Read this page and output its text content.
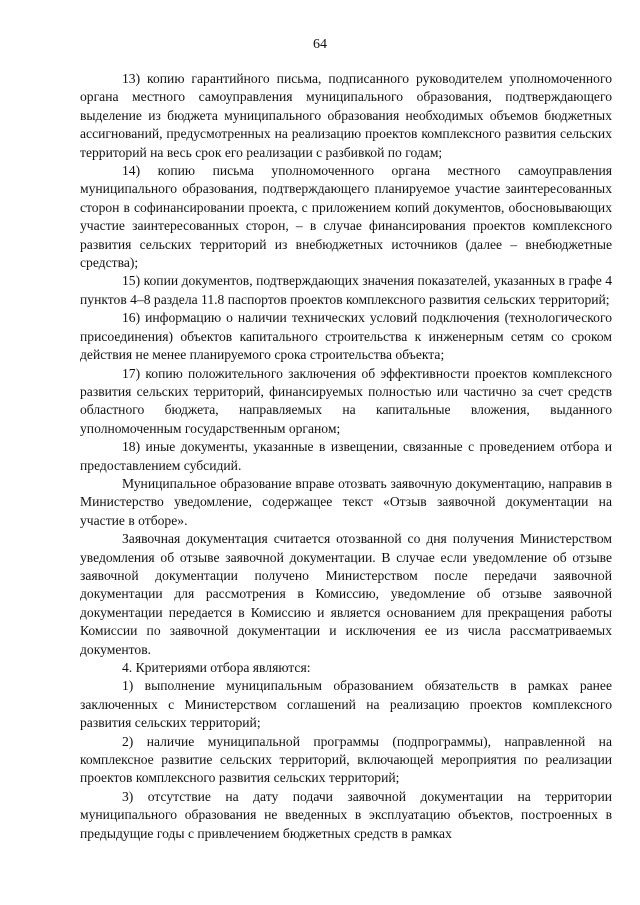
64

13) копию гарантийного письма, подписанного руководителем уполномоченного органа местного самоуправления муниципального образования, подтверждающего выделение из бюджета муниципального образования необходимых объемов бюджетных ассигнований, предусмотренных на реализацию проектов комплексного развития сельских территорий на весь срок его реализации с разбивкой по годам;

14) копию письма уполномоченного органа местного самоуправления муниципального образования, подтверждающего планируемое участие заинтересованных сторон в софинансировании проекта, с приложением копий документов, обосновывающих участие заинтересованных сторон, – в случае финансирования проектов комплексного развития сельских территорий из внебюджетных источников (далее – внебюджетные средства);

15) копии документов, подтверждающих значения показателей, указанных в графе 4 пунктов 4–8 раздела 11.8 паспортов проектов комплексного развития сельских территорий;

16) информацию о наличии технических условий подключения (технологического присоединения) объектов капитального строительства к инженерным сетям со сроком действия не менее планируемого срока строительства объекта;

17) копию положительного заключения об эффективности проектов комплексного развития сельских территорий, финансируемых полностью или частично за счет средств областного бюджета, направляемых на капитальные вложения, выданного уполномоченным государственным органом;

18) иные документы, указанные в извещении, связанные с проведением отбора и предоставлением субсидий.

Муниципальное образование вправе отозвать заявочную документацию, направив в Министерство уведомление, содержащее текст «Отзыв заявочной документации на участие в отборе».

Заявочная документация считается отозванной со дня получения Министерством уведомления об отзыве заявочной документации. В случае если уведомление об отзыве заявочной документации получено Министерством после передачи заявочной документации для рассмотрения в Комиссию, уведомление об отзыве заявочной документации передается в Комиссию и является основанием для прекращения работы Комиссии по заявочной документации и исключения ее из числа рассматриваемых документов.

4. Критериями отбора являются:

1) выполнение муниципальным образованием обязательств в рамках ранее заключенных с Министерством соглашений на реализацию проектов комплексного развития сельских территорий;

2) наличие муниципальной программы (подпрограммы), направленной на комплексное развитие сельских территорий, включающей мероприятия по реализации проектов комплексного развития сельских территорий;

3) отсутствие на дату подачи заявочной документации на территории муниципального образования не введенных в эксплуатацию объектов, построенных в предыдущие годы с привлечением бюджетных средств в рамках
